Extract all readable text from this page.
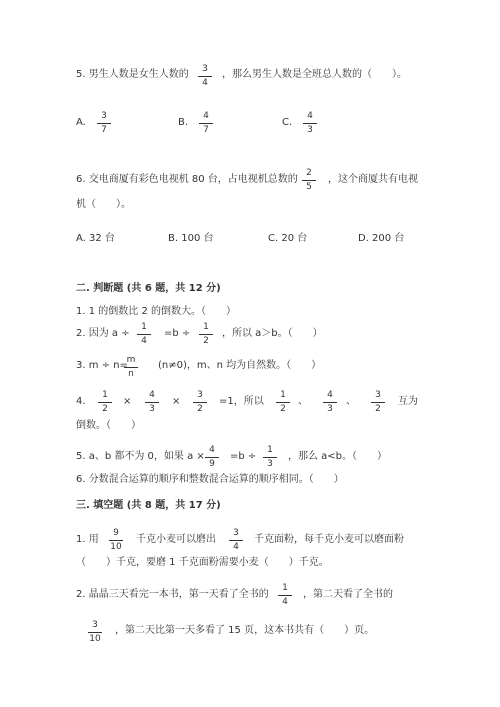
5. 男生人数是女生人数的	3
4
，那么男生人数是全班总人数的（　　）。
A.
3
7
B.
4
7
C.
4
3
6. 交电商厦有彩色电视机 80 台，占电视机总数的
2
5
，这个商厦共有电视
机（　　）。
A. 32 台	B. 100 台	C. 20 台	D. 200 台
二. 判断题 (共 6 题，共 12 分)
1. 1 的倒数比 2 的倒数大。（　　）
2. 因为 a ÷
1
4
=b ÷
1
2
，所以 a＞b。（　　）
3. m ÷ n=
m
n
(n≠0)，m、n 均为自然数。（　　）
4.
1
2
×
4
3
×
3
2
=1，所以
1
2
、
4
3
、
3
2
互为
倒数。（　　）
5. a、b 都不为 0，如果 a ×
4
9
=b ÷
1
3
，那么 a<b。（　　）
6. 分数混合运算的顺序和整数混合运算的顺序相同。（　　）
三. 填空题 (共 8 题，共 17 分)
1. 用
9
10
千克小麦可以磨出
3
4
千克面粉，每千克小麦可以磨面粉
（　　）千克，要磨 1 千克面粉需要小麦（　　）千克。
2. 晶晶三天看完一本书，第一天看了全书的
1
4
，第二天看了全书的
3
10
，第二天比第一天多看了 15 页，这本书共有（　　）页。
